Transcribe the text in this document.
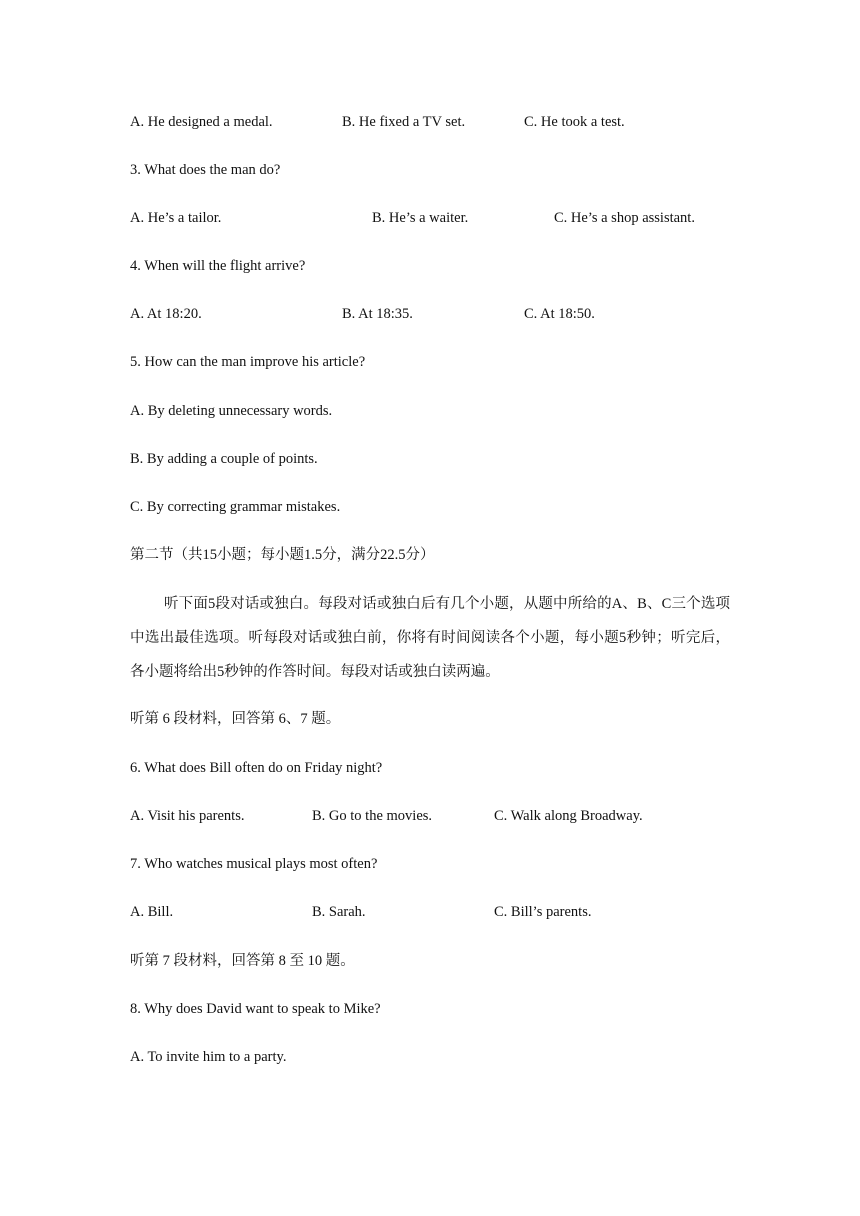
A. He designed a medal.	B. He fixed a TV set.	C. He took a test.
3. What does the man do?
A. He’s a tailor.	B. He’s a waiter.	C. He’s a shop assistant.
4. When will the flight arrive?
A. At 18:20.	B. At 18:35.	C. At 18:50.
5. How can the man improve his article?
A. By deleting unnecessary words.
B. By adding a couple of points.
C. By correcting grammar mistakes.
第二节（共15小题；每小题1.5分，满分22.5分）

听下面5段对话或独白。每段对话或独白后有几个小题，从题中所给的A、B、C三个选项中选出最佳选项。听每段对话或独白前，你将有时间阅读各个小题，每小题5秒钟；听完后，各小题将给出5秒钟的作答时间。每段对话或独白读两遍。

听第 6 段材料，回答第 6、7 题。
6. What does Bill often do on Friday night?
A. Visit his parents.	B. Go to the movies.	C. Walk along Broadway.
7. Who watches musical plays most often?
A. Bill.	B. Sarah.	C. Bill’s parents.
听第 7 段材料，回答第 8 至 10 题。
8. Why does David want to speak to Mike?
A. To invite him to a party.
